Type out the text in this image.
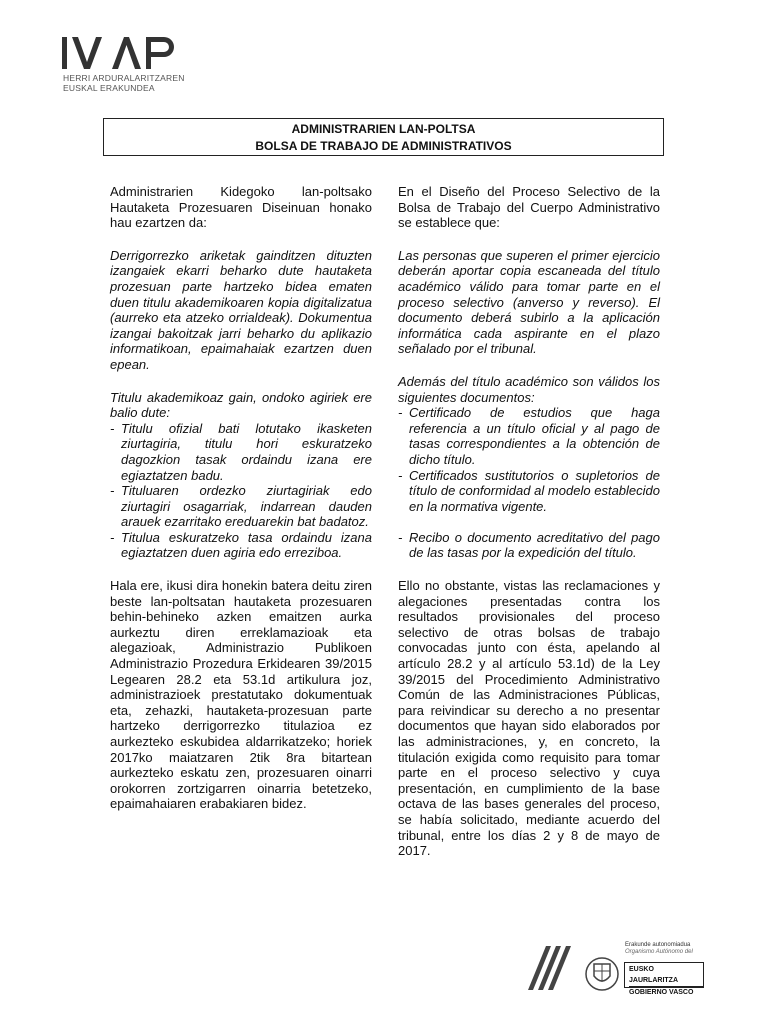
HERRI ARDURALARITZAREN
EUSKAL ERAKUNDEA
ADMINISTRARIEN LAN-POLTSA
BOLSA DE TRABAJO DE ADMINISTRATIVOS

Administrarien Kidegoko lan-poltsako Hautaketa Prozesuaren Diseinuan honako hau ezartzen da:

Derrigorrezko ariketak gainditzen dituzten izangaiek ekarri beharko dute hautaketa prozesuan parte hartzeko bidea ematen duen titulu akademikoaren kopia digitalizatua (aurreko eta atzeko orrialdeak). Dokumentua izangai bakoitzak jarri beharko du aplikazio informatikoan, epaimahaiak ezartzen duen epean.

Titulu akademikoaz gain, ondoko agiriek ere balio dute:

- Titulu ofizial bati lotutako ikasketen ziurtagiria, titulu hori eskuratzeko dagozkion tasak ordaindu izana ere egiaztatzen badu.
- Tituluaren ordezko ziurtagiriak edo ziurtagiri osagarriak, indarrean dauden arauek ezarritako ereduarekin bat badatoz.
- Titulua eskuratzeko tasa ordaindu izana egiaztatzen duen agiria edo erreziboa.

Hala ere, ikusi dira honekin batera deitu ziren beste lan-poltsatan hautaketa prozesuaren behin-behineko azken emaitzen aurka aurkeztu diren erreklamazioak eta alegazioak, Administrazio Publikoen Administrazio Prozedura Erkidearen 39/2015 Legearen 28.2 eta 53.1d artikulura joz, administrazioek prestatutako dokumentuak eta, zehazki, hautaketa-prozesuan parte hartzeko derrigorrezko titulazioa ez aurkezteko eskubidea aldarrikatzeko; horiek 2017ko maiatzaren 2tik 8ra bitartean aurkezteko eskatu zen, prozesuaren oinarri orokorren zortzigarren oinarria betetzeko, epaimahaiaren erabakiaren bidez.

En el Diseño del Proceso Selectivo de la Bolsa de Trabajo del Cuerpo Administrativo se establece que:

Las personas que superen el primer ejercicio deberán aportar copia escaneada del título académico válido para tomar parte en el proceso selectivo (anverso y reverso). El documento deberá subirlo a la aplicación informática cada aspirante en el plazo señalado por el tribunal.

Además del título académico son válidos los siguientes documentos:

- Certificado de estudios que haga referencia a un título oficial y al pago de tasas correspondientes a la obtención de dicho título.
- Certificados sustitutorios o supletorios de título de conformidad al modelo establecido en la normativa vigente.
- Recibo o documento acreditativo del pago de las tasas por la expedición del título.

Ello no obstante, vistas las reclamaciones y alegaciones presentadas contra los resultados provisionales del proceso selectivo de otras bolsas de trabajo convocadas junto con ésta, apelando al artículo 28.2 y al artículo 53.1d) de la Ley 39/2015 del Procedimiento Administrativo Común de las Administraciones Públicas, para reivindicar su derecho a no presentar documentos que hayan sido elaborados por las administraciones, y, en concreto, la titulación exigida como requisito para tomar parte en el proceso selectivo y cuya presentación, en cumplimiento de la base octava de las bases generales del proceso, se había solicitado, mediante acuerdo del tribunal, entre los días 2 y 8 de mayo de 2017.

Erakunde autonomiadua
Organismo Autónomo del
EUSKO JAURLARITZA
GOBIERNO VASCO
